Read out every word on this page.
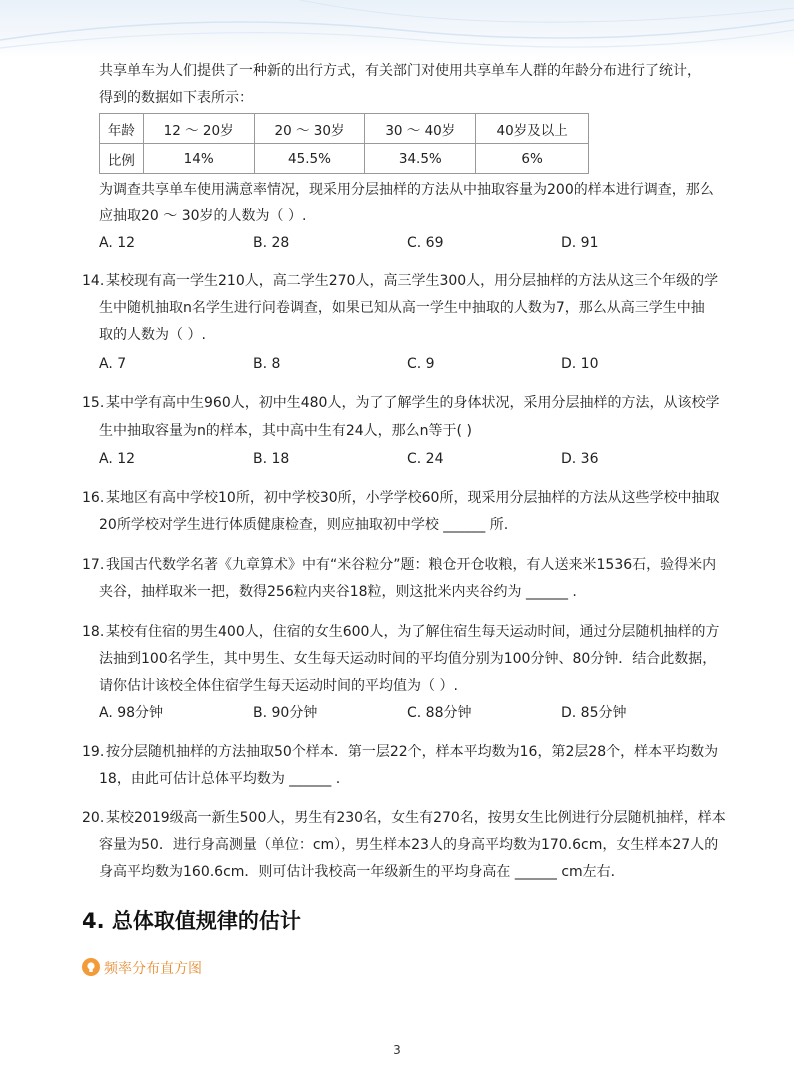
共享单车为人们提供了一种新的出行方式，有关部门对使用共享单车人群的年龄分布进行了统计，
得到的数据如下表所示：
年龄	12 ～ 20岁	20 ～ 30岁	30 ～ 40岁	40岁及以上
比例	14%	45.5%	34.5%	6%
为调查共享单车使用满意率情况，现采用分层抽样的方法从中抽取容量为200的样本进行调查，那么
应抽取20 ～ 30岁的人数为（ ）.
A. 12	B. 28	C. 69	D. 91
14. 某校现有高一学生210人，高二学生270人，高三学生300人，用分层抽样的方法从这三个年级的学
生中随机抽取n名学生进行问卷调查，如果已知从高一学生中抽取的人数为7，那么从高三学生中抽
取的人数为（ ）.
A. 7	B. 8	C. 9	D. 10
15. 某中学有高中生960人，初中生480人，为了了解学生的身体状况，采用分层抽样的方法，从该校学
生中抽取容量为n的样本，其中高中生有24人，那么n等于( )
A. 12	B. 18	C. 24	D. 36
16. 某地区有高中学校10所，初中学校30所，小学学校60所，现采用分层抽样的方法从这些学校中抽取
20所学校对学生进行体质健康检查，则应抽取初中学校 ______ 所.
17. 我国古代数学名著《九章算术》中有“米谷粒分”题：粮仓开仓收粮，有人送来米1536石，验得米内
夹谷，抽样取米一把，数得256粒内夹谷18粒，则这批米内夹谷约为 ______ .
18. 某校有住宿的男生400人，住宿的女生600人，为了解住宿生每天运动时间，通过分层随机抽样的方
法抽到100名学生，其中男生、女生每天运动时间的平均值分别为100分钟、80分钟．结合此数据，
请你估计该校全体住宿学生每天运动时间的平均值为（ ）.
A. 98分钟	B. 90分钟	C. 88分钟	D. 85分钟
19. 按分层随机抽样的方法抽取50个样本．第一层22个，样本平均数为16，第2层28个，样本平均数为
18，由此可估计总体平均数为 ______ .
20. 某校2019级高一新生500人，男生有230名，女生有270名，按男女生比例进行分层随机抽样，样本
容量为50．进行身高测量（单位：cm），男生样本23人的身高平均数为170.6cm，女生样本27人的
身高平均数为160.6cm．则可估计我校高一年级新生的平均身高在 ______ cm左右．
4. 总体取值规律的估计
频率分布直方图
3
